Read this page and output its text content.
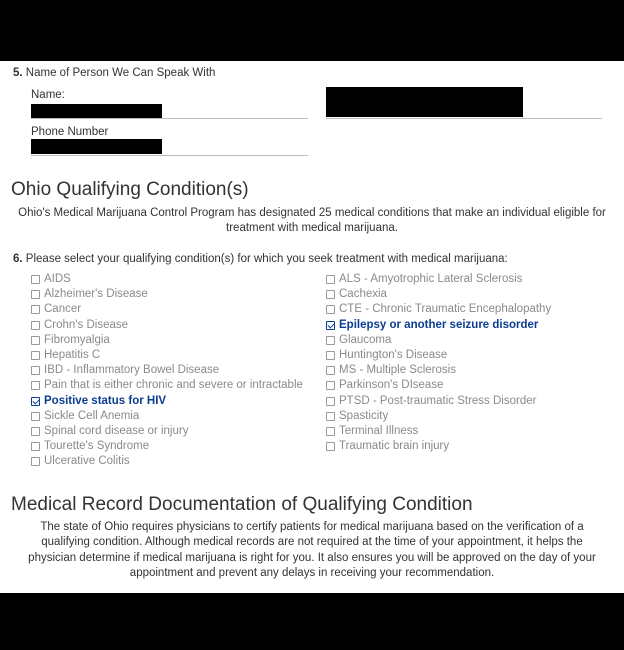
5. Name of Person We Can Speak With
Name:
Phone Number
Ohio Qualifying Condition(s)
Ohio's Medical Marijuana Control Program has designated 25 medical conditions that make an individual eligible for treatment with medical marijuana.
6. Please select your qualifying condition(s) for which you seek treatment with medical marijuana:
AIDS
Alzheimer's Disease
Cancer
Crohn's Disease
Fibromyalgia
Hepatitis C
IBD - Inflammatory Bowel Disease
Pain that is either chronic and severe or intractable
Positive status for HIV
Sickle Cell Anemia
Spinal cord disease or injury
Tourette's Syndrome
Ulcerative Colitis
ALS - Amyotrophic Lateral Sclerosis
Cachexia
CTE - Chronic Traumatic Encephalopathy
Epilepsy or another seizure disorder
Glaucoma
Huntington's Disease
MS - Multiple Sclerosis
Parkinson's DIsease
PTSD - Post-traumatic Stress Disorder
Spasticity
Terminal Illness
Traumatic brain injury
Medical Record Documentation of Qualifying Condition
The state of Ohio requires physicians to certify patients for medical marijuana based on the verification of a qualifying condition. Although medical records are not required at the time of your appointment, it helps the physician determine if medical marijuana is right for you. It also ensures you will be approved on the day of your appointment and prevent any delays in receiving your recommendation.
